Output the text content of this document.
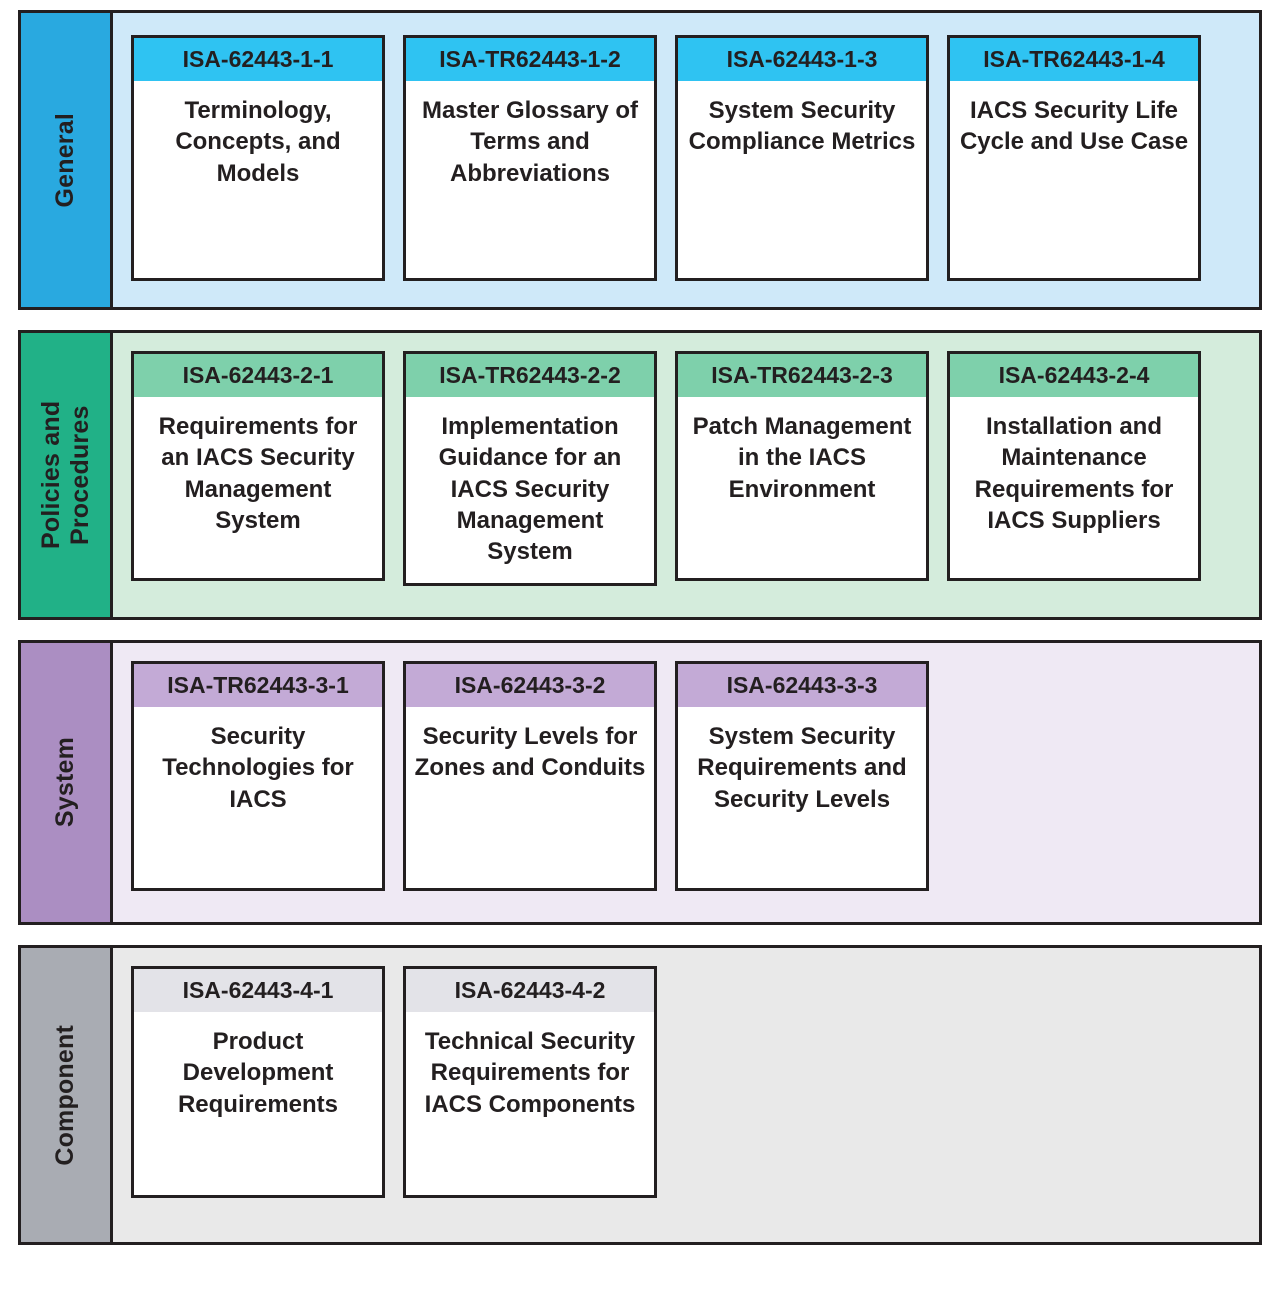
General
ISA-62443-1-1
Terminology, Concepts, and Models
ISA-TR62443-1-2
Master Glossary of Terms and Abbreviations
ISA-62443-1-3
System Security Compliance Metrics
ISA-TR62443-1-4
IACS Security Life Cycle and Use Case
Policies and Procedures
ISA-62443-2-1
Requirements for an IACS Security Management System
ISA-TR62443-2-2
Implementation Guidance for an IACS Security Management System
ISA-TR62443-2-3
Patch Management in the IACS Environment
ISA-62443-2-4
Installation and Maintenance Requirements for IACS Suppliers
System
ISA-TR62443-3-1
Security Technologies for IACS
ISA-62443-3-2
Security Levels for Zones and Conduits
ISA-62443-3-3
System Security Requirements and Security Levels
Component
ISA-62443-4-1
Product Development Requirements
ISA-62443-4-2
Technical Security Requirements for IACS Components
